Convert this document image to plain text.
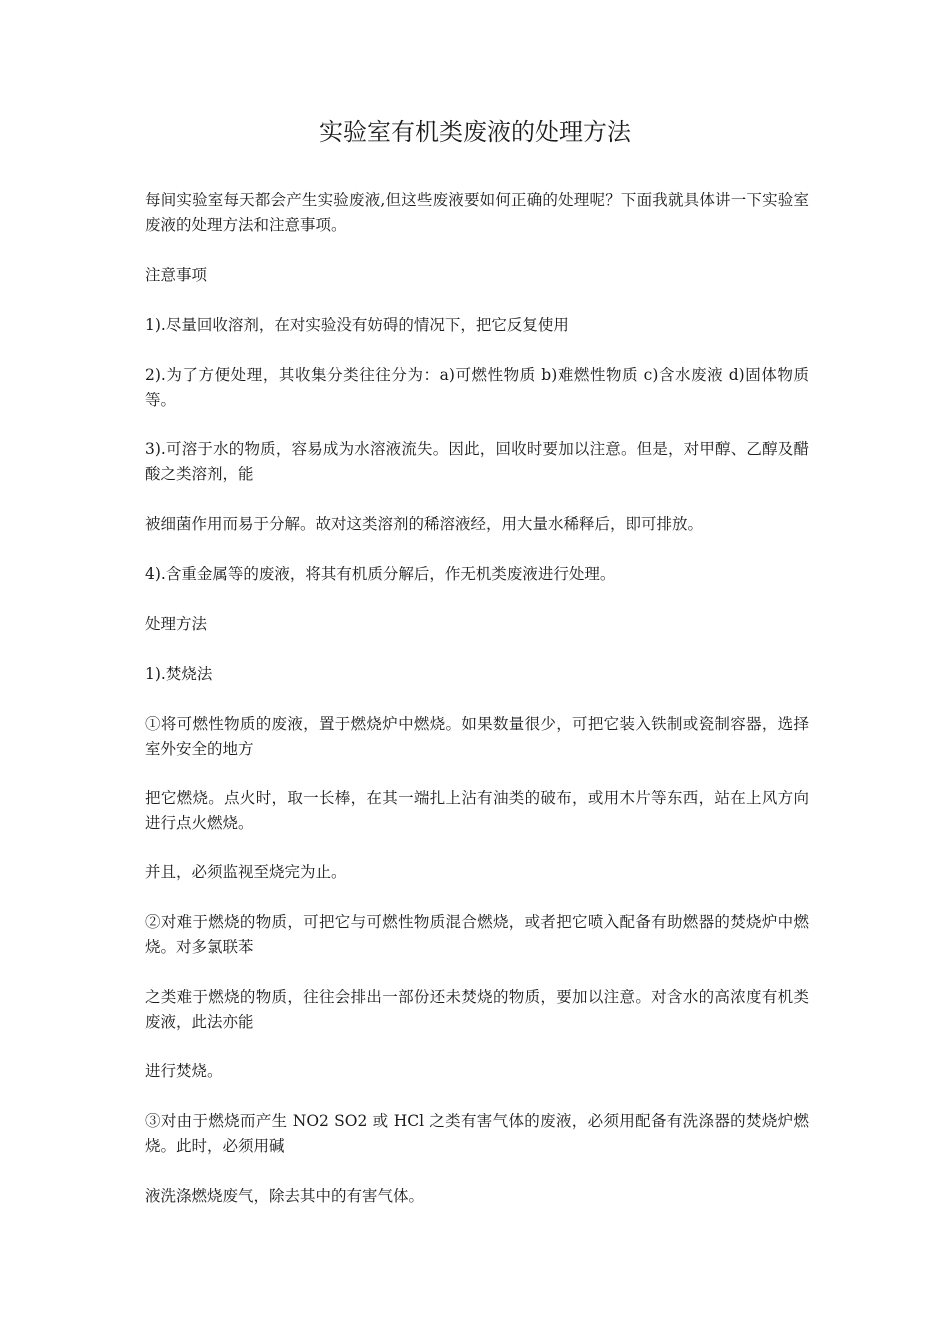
实验室有机类废液的处理方法

每间实验室每天都会产生实验废液,但这些废液要如何正确的处理呢？下面我就具体讲一下实验室废液的处理方法和注意事项。

注意事项

1).尽量回收溶剂，在对实验没有妨碍的情况下，把它反复使用

2).为了方便处理，其收集分类往往分为：a)可燃性物质 b)难燃性物质 c)含水废液 d)固体物质等。

3).可溶于水的物质，容易成为水溶液流失。因此，回收时要加以注意。但是，对甲醇、乙醇及醋酸之类溶剂，能

被细菌作用而易于分解。故对这类溶剂的稀溶液经，用大量水稀释后，即可排放。

4).含重金属等的废液，将其有机质分解后，作无机类废液进行处理。

处理方法

1).焚烧法

①将可燃性物质的废液，置于燃烧炉中燃烧。如果数量很少，可把它装入铁制或瓷制容器，选择室外安全的地方

把它燃烧。点火时，取一长棒，在其一端扎上沾有油类的破布，或用木片等东西，站在上风方向进行点火燃烧。

并且，必须监视至烧完为止。

②对难于燃烧的物质，可把它与可燃性物质混合燃烧，或者把它喷入配备有助燃器的焚烧炉中燃烧。对多氯联苯

之类难于燃烧的物质，往往会排出一部份还未焚烧的物质，要加以注意。对含水的高浓度有机类废液，此法亦能

进行焚烧。

③对由于燃烧而产生 NO2 SO2 或 HCl 之类有害气体的废液，必须用配备有洗涤器的焚烧炉燃烧。此时，必须用碱

液洗涤燃烧废气，除去其中的有害气体。
